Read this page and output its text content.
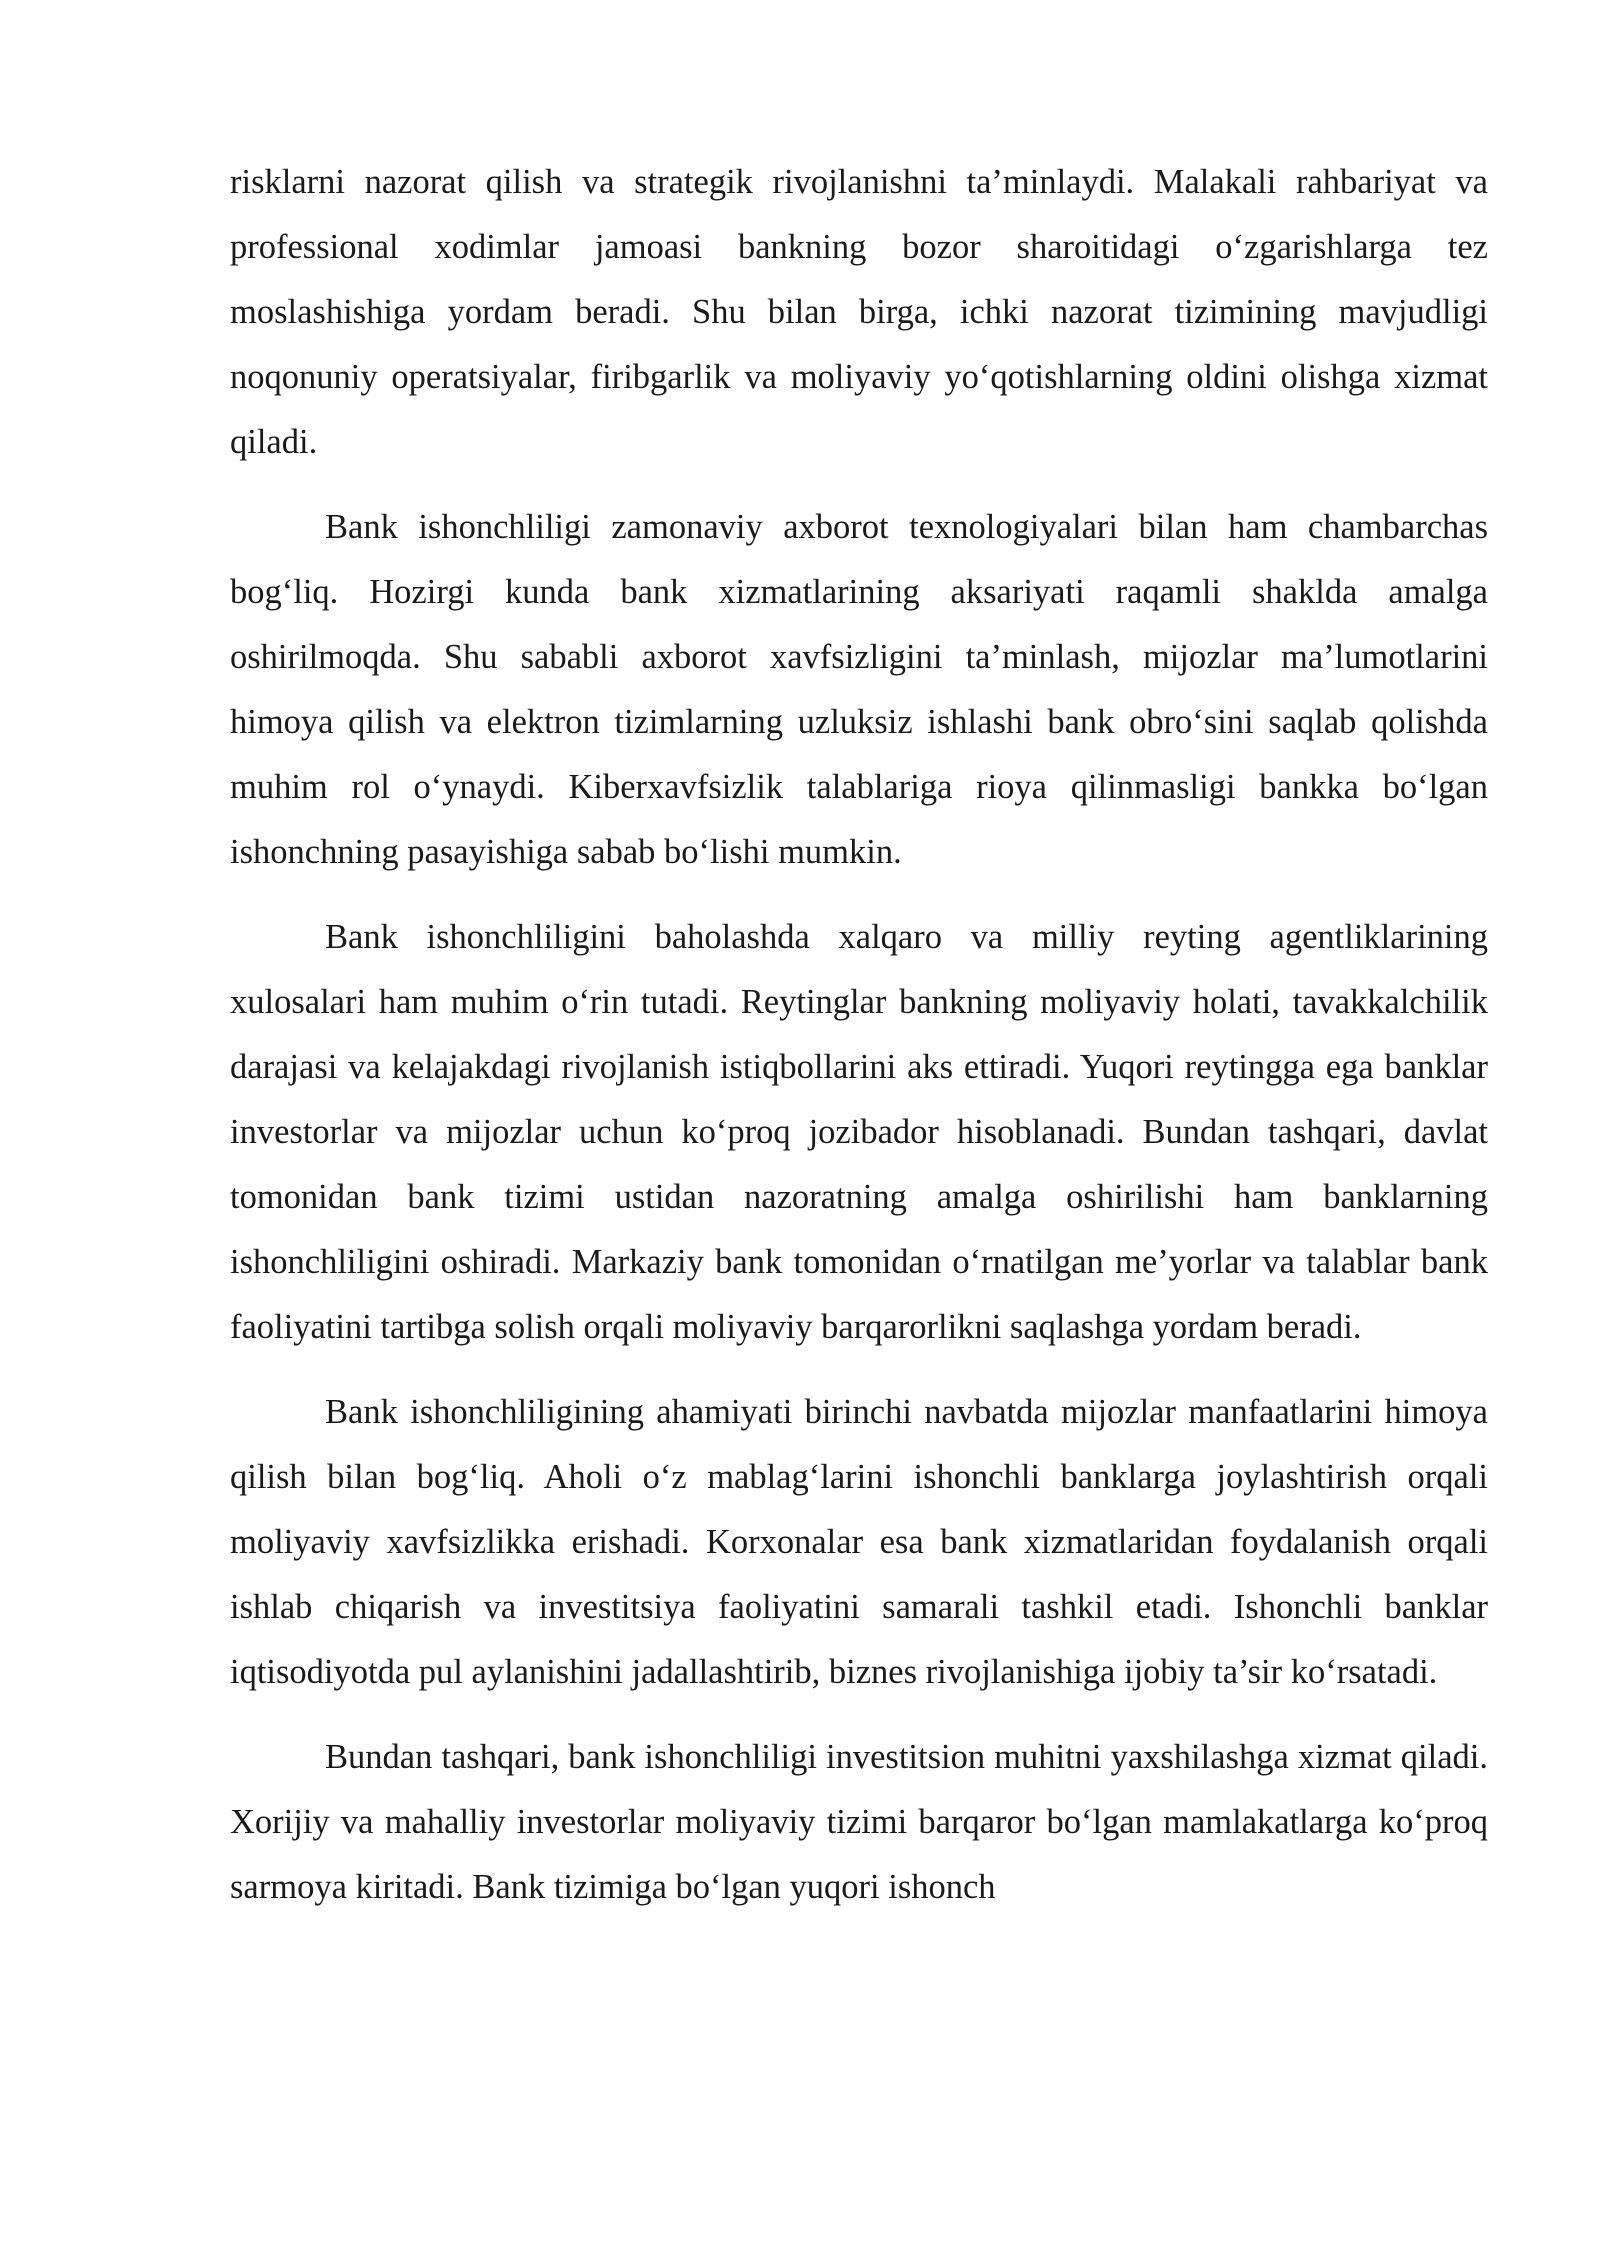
risklarni nazorat qilish va strategik rivojlanishni ta’minlaydi. Malakali rahbariyat va professional xodimlar jamoasi bankning bozor sharoitidagi o‘zgarishlarga tez moslashishiga yordam beradi. Shu bilan birga, ichki nazorat tizimining mavjudligi noqonuniy operatsiyalar, firibgarlik va moliyaviy yo‘qotishlarning oldini olishga xizmat qiladi.

Bank ishonchliligi zamonaviy axborot texnologiyalari bilan ham chambarchas bog‘liq. Hozirgi kunda bank xizmatlarining aksariyati raqamli shaklda amalga oshirilmoqda. Shu sababli axborot xavfsizligini ta’minlash, mijozlar ma’lumotlarini himoya qilish va elektron tizimlarning uzluksiz ishlashi bank obro‘sini saqlab qolishda muhim rol o‘ynaydi. Kiberxavfsizlik talablariga rioya qilinmasligi bankka bo‘lgan ishonchning pasayishiga sabab bo‘lishi mumkin.

Bank ishonchliligini baholashda xalqaro va milliy reyting agentliklarining xulosalari ham muhim o‘rin tutadi. Reytinglar bankning moliyaviy holati, tavakkalchilik darajasi va kelajakdagi rivojlanish istiqbollarini aks ettiradi. Yuqori reytingga ega banklar investorlar va mijozlar uchun ko‘proq jozibador hisoblanadi. Bundan tashqari, davlat tomonidan bank tizimi ustidan nazoratning amalga oshirilishi ham banklarning ishonchliligini oshiradi. Markaziy bank tomonidan o‘rnatilgan me’yorlar va talablar bank faoliyatini tartibga solish orqali moliyaviy barqarorlikni saqlashga yordam beradi.

Bank ishonchliligining ahamiyati birinchi navbatda mijozlar manfaatlarini himoya qilish bilan bog‘liq. Aholi o‘z mablag‘larini ishonchli banklarga joylashtirish orqali moliyaviy xavfsizlikka erishadi. Korxonalar esa bank xizmatlaridan foydalanish orqali ishlab chiqarish va investitsiya faoliyatini samarali tashkil etadi. Ishonchli banklar iqtisodiyotda pul aylanishini jadallashtirib, biznes rivojlanishiga ijobiy ta’sir ko‘rsatadi.

Bundan tashqari, bank ishonchliligi investitsion muhitni yaxshilashga xizmat qiladi. Xorijiy va mahalliy investorlar moliyaviy tizimi barqaror bo‘lgan mamlakatlarga ko‘proq sarmoya kiritadi. Bank tizimiga bo‘lgan yuqori ishonch
